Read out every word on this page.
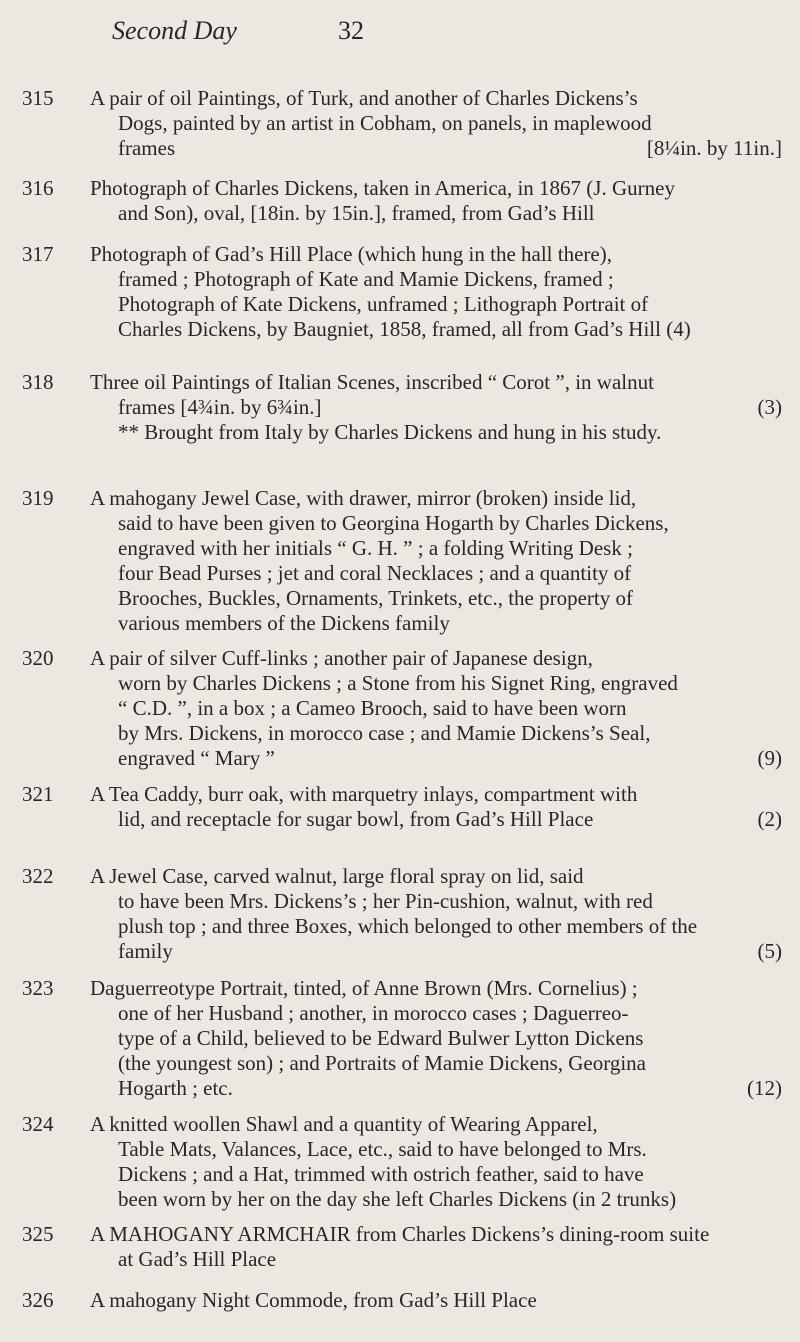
Second Day	32
315	A pair of oil Paintings, of Turk, and another of Charles Dickens’s
Dogs, painted by an artist in Cobham, on panels, in maplewood
frames	[8¼in. by 11in.]
316	Photograph of Charles Dickens, taken in America, in 1867 (J. Gurney
and Son), oval, [18in. by 15in.], framed, from Gad’s Hill
317	Photograph of Gad’s Hill Place (which hung in the hall there),
framed ; Photograph of Kate and Mamie Dickens, framed ;
Photograph of Kate Dickens, unframed ; Lithograph Portrait of
Charles Dickens, by Baugniet, 1858, framed, all from Gad’s Hill (4)
318	Three oil Paintings of Italian Scenes, inscribed “ Corot ”, in walnut
frames [4¾in. by 6¾in.]	(3)
** Brought from Italy by Charles Dickens and hung in his study.
319	A mahogany Jewel Case, with drawer, mirror (broken) inside lid,
said to have been given to Georgina Hogarth by Charles Dickens,
engraved with her initials “ G. H. ” ; a folding Writing Desk ;
four Bead Purses ; jet and coral Necklaces ; and a quantity of
Brooches, Buckles, Ornaments, Trinkets, etc., the property of
various members of the Dickens family
320	A pair of silver Cuff-links ; another pair of Japanese design,
worn by Charles Dickens ; a Stone from his Signet Ring, engraved
“ C.D. ”, in a box ; a Cameo Brooch, said to have been worn
by Mrs. Dickens, in morocco case ; and Mamie Dickens’s Seal,
engraved “ Mary ”	(9)
321	A Tea Caddy, burr oak, with marquetry inlays, compartment with
lid, and receptacle for sugar bowl, from Gad’s Hill Place	(2)
322	A Jewel Case, carved walnut, large floral spray on lid, said
to have been Mrs. Dickens’s ; her Pin-cushion, walnut, with red
plush top ; and three Boxes, which belonged to other members of the
family	(5)
323	Daguerreotype Portrait, tinted, of Anne Brown (Mrs. Cornelius) ;
one of her Husband ; another, in morocco cases ; Daguerreo-
type of a Child, believed to be Edward Bulwer Lytton Dickens
(the youngest son) ; and Portraits of Mamie Dickens, Georgina
Hogarth ; etc.	(12)
324	A knitted woollen Shawl and a quantity of Wearing Apparel,
Table Mats, Valances, Lace, etc., said to have belonged to Mrs.
Dickens ; and a Hat, trimmed with ostrich feather, said to have
been worn by her on the day she left Charles Dickens (in 2 trunks)
325	A MAHOGANY ARMCHAIR from Charles Dickens’s dining-room suite
at Gad’s Hill Place
326	A mahogany Night Commode, from Gad’s Hill Place
